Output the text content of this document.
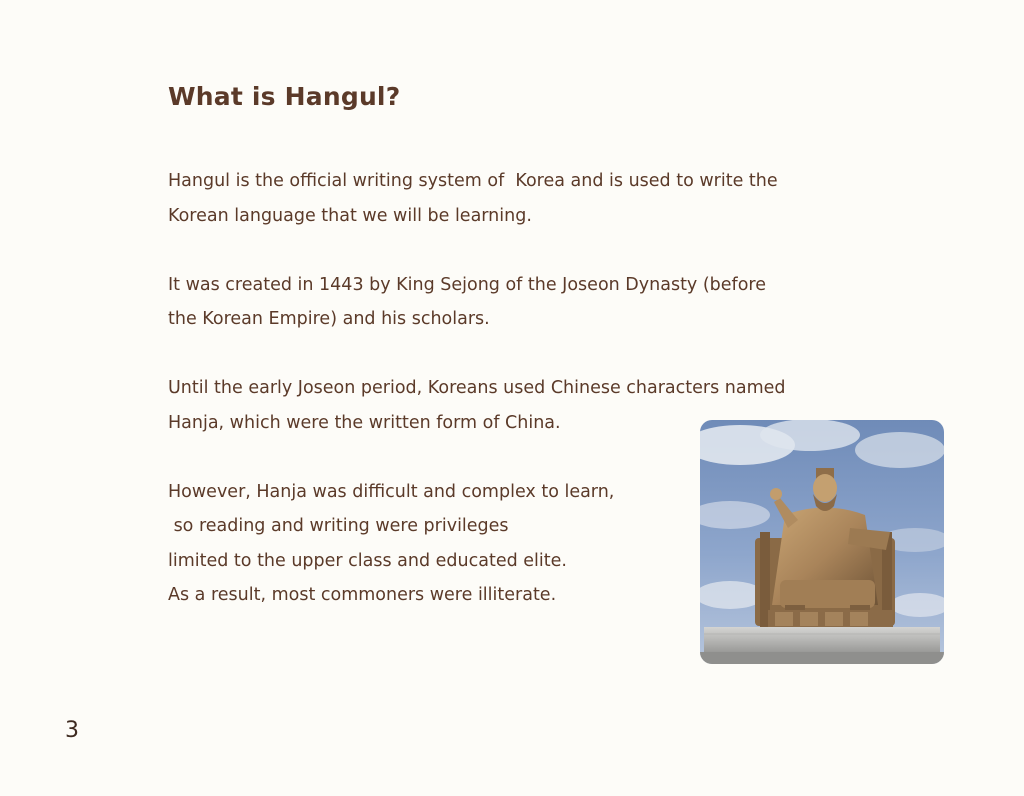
What is Hangul?
Hangul is the official writing system of  Korea and is used to write the
Korean language that we will be learning.
It was created in 1443 by King Sejong of the Joseon Dynasty (before
the Korean Empire) and his scholars.
Until the early Joseon period, Koreans used Chinese characters named
Hanja, which were the written form of China.
However, Hanja was difficult and complex to learn,
so reading and writing were privileges
limited to the upper class and educated elite.
As a result, most commoners were illiterate.
3
